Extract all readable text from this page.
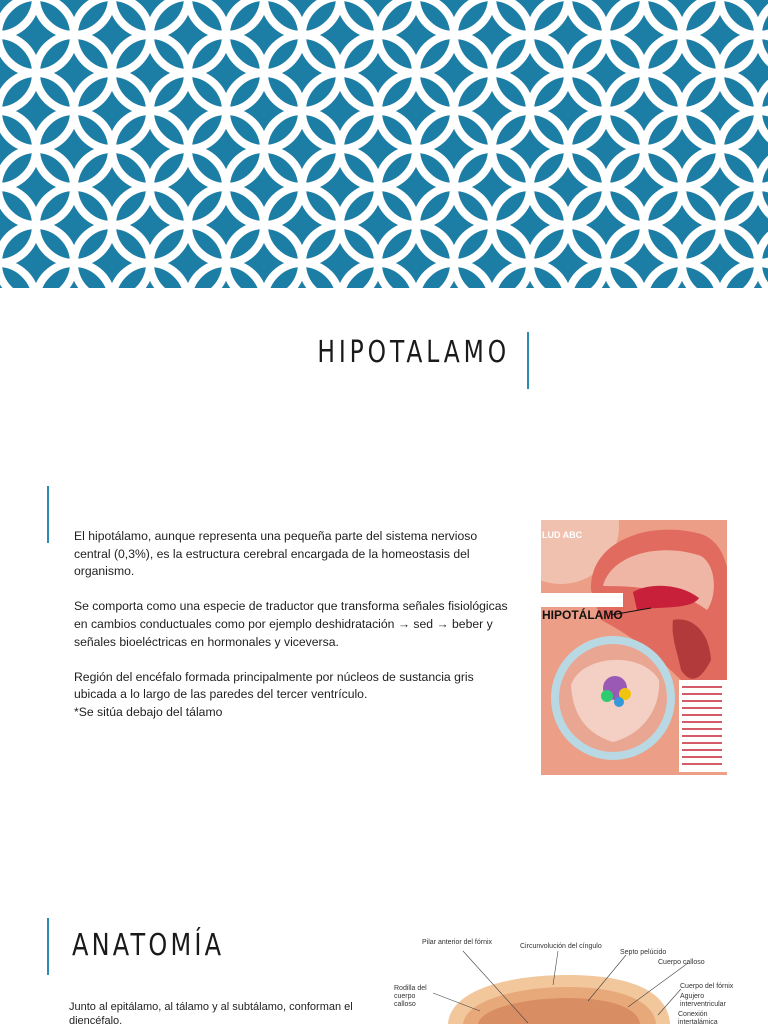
HIPOTALAMO

El hipotálamo, aunque representa una pequeña parte del sistema nervioso central (0,3%), es la estructura cerebral encargada de la homeostasis del organismo.

Se comporta como una especie de traductor que transforma señales fisiológicas en cambios conductuales como por ejemplo deshidratación → sed → beber y señales bioeléctricas en hormonales y viceversa.

Región del encéfalo formada principalmente por núcleos de sustancia gris ubicada a lo largo de las paredes del tercer ventrículo.

*Se sitúa debajo del tálamo

LUD ABC
HIPOTÁLAMO
ANATOMÍA
Junto al epitálamo, al tálamo y al subtálamo, conforman el diencéfalo.
Pilar anterior del fórnix
Circunvolución del cíngulo
Septo pelúcido
Cuerpo calloso
Rodilla del cuerpo calloso
Cuerpo del fórnix
Agujero interventricular
Conexión intertalámica
